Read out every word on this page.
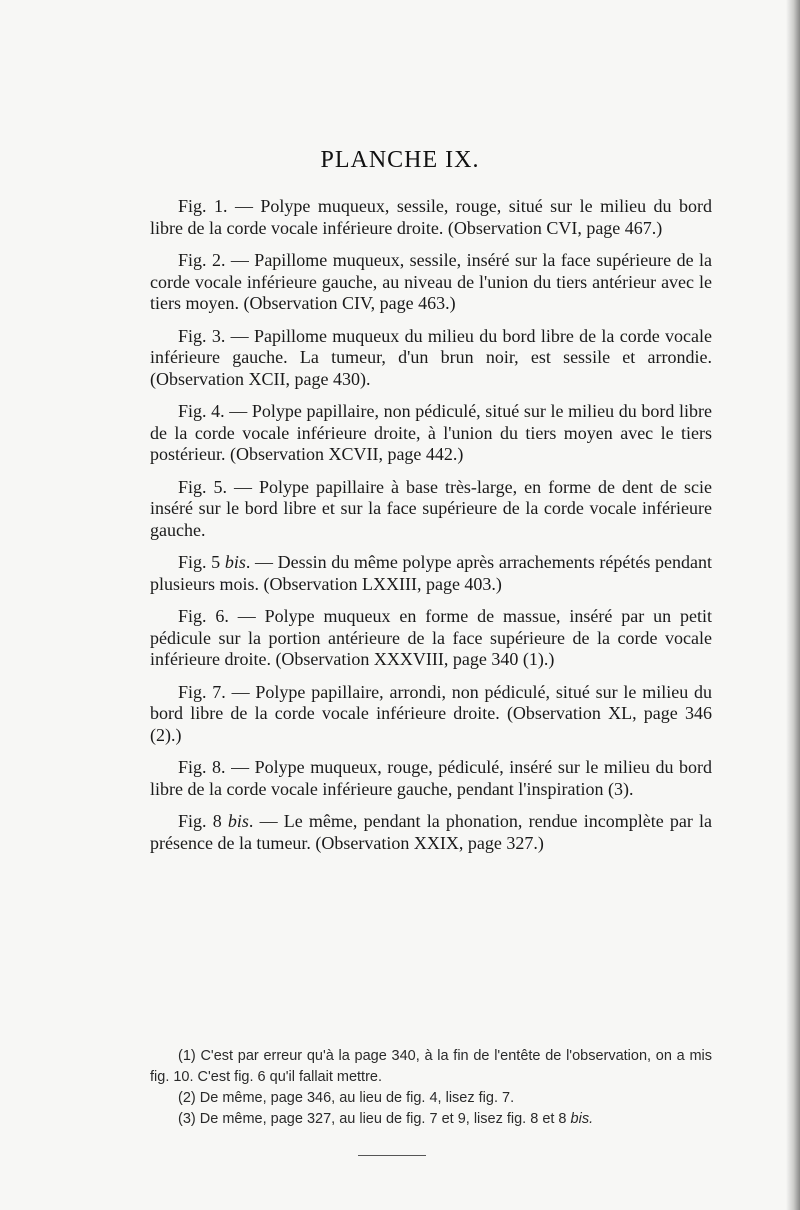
PLANCHE IX.

Fig. 1. — Polype muqueux, sessile, rouge, situé sur le milieu du bord libre de la corde vocale inférieure droite. (Observation CVI, page 467.)

Fig. 2. — Papillome muqueux, sessile, inséré sur la face supérieure de la corde vocale inférieure gauche, au niveau de l'union du tiers antérieur avec le tiers moyen. (Observation CIV, page 463.)

Fig. 3. — Papillome muqueux du milieu du bord libre de la corde vocale inférieure gauche. La tumeur, d'un brun noir, est sessile et arrondie. (Observation XCII, page 430).

Fig. 4. — Polype papillaire, non pédiculé, situé sur le milieu du bord libre de la corde vocale inférieure droite, à l'union du tiers moyen avec le tiers postérieur. (Observation XCVII, page 442.)

Fig. 5. — Polype papillaire à base très-large, en forme de dent de scie inséré sur le bord libre et sur la face supérieure de la corde vocale inférieure gauche.

Fig. 5 bis. — Dessin du même polype après arrachements répétés pendant plusieurs mois. (Observation LXXIII, page 403.)

Fig. 6. — Polype muqueux en forme de massue, inséré par un petit pédicule sur la portion antérieure de la face supérieure de la corde vocale inférieure droite. (Observation XXXVIII, page 340 (1).)

Fig. 7. — Polype papillaire, arrondi, non pédiculé, situé sur le milieu du bord libre de la corde vocale inférieure droite. (Observation XL, page 346 (2).)

Fig. 8. — Polype muqueux, rouge, pédiculé, inséré sur le milieu du bord libre de la corde vocale inférieure gauche, pendant l'inspiration (3).

Fig. 8 bis. — Le même, pendant la phonation, rendue incomplète par la présence de la tumeur. (Observation XXIX, page 327.)

(1) C'est par erreur qu'à la page 340, à la fin de l'entête de l'observation, on a mis fig. 10. C'est fig. 6 qu'il fallait mettre.

(2) De même, page 346, au lieu de fig. 4, lisez fig. 7.

(3) De même, page 327, au lieu de fig. 7 et 9, lisez fig. 8 et 8 bis.
